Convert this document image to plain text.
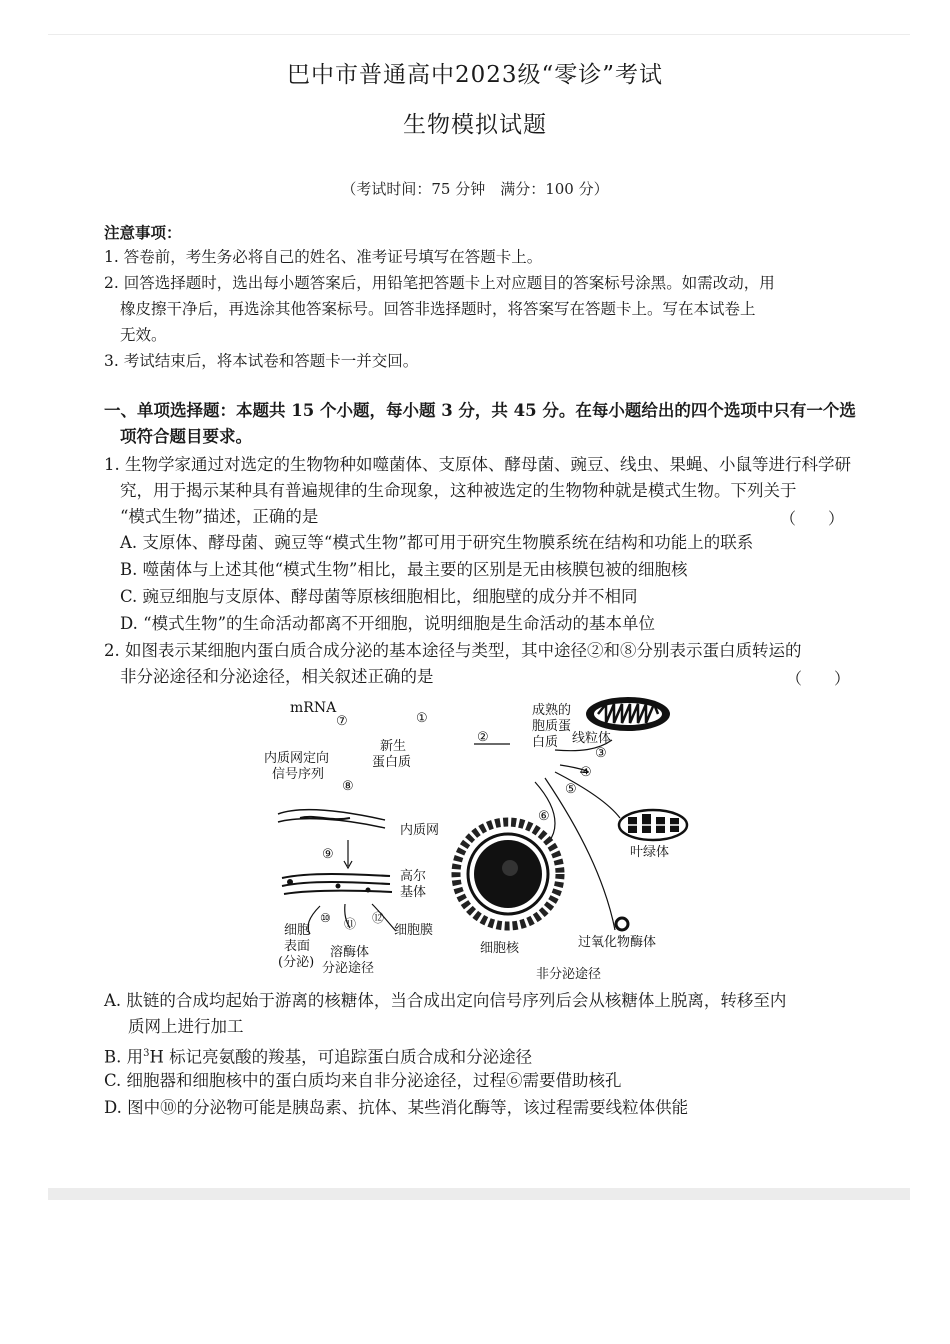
巴中市普通高中2023级“零诊”考试
生物模拟试题
（考试时间：75 分钟　满分：100 分）
注意事项：
1. 答卷前，考生务必将自己的姓名、准考证号填写在答题卡上。
2. 回答选择题时，选出每小题答案后，用铅笔把答题卡上对应题目的答案标号涂黑。如需改动，用
橡皮擦干净后，再选涂其他答案标号。回答非选择题时，将答案写在答题卡上。写在本试卷上
无效。
3. 考试结束后，将本试卷和答题卡一并交回。
一、单项选择题：本题共 15 个小题，每小题 3 分，共 45 分。在每小题给出的四个选项中只有一个选
项符合题目要求。
1. 生物学家通过对选定的生物物种如噬菌体、支原体、酵母菌、豌豆、线虫、果蝇、小鼠等进行科学研
究，用于揭示某种具有普遍规律的生命现象，这种被选定的生物物种就是模式生物。下列关于
“模式生物”描述，正确的是	（　　）
A. 支原体、酵母菌、豌豆等“模式生物”都可用于研究生物膜系统在结构和功能上的联系
B. 噬菌体与上述其他“模式生物”相比，最主要的区别是无由核膜包被的细胞核
C. 豌豆细胞与支原体、酵母菌等原核细胞相比，细胞壁的成分并不相同
D. “模式生物”的生命活动都离不开细胞，说明细胞是生命活动的基本单位
2. 如图表示某细胞内蛋白质合成分泌的基本途径与类型，其中途径②和⑧分别表示蛋白质转运的
非分泌途径和分泌途径，相关叙述正确的是	（　　）
mRNA
⑦	①
成熟的
胞质蛋
白质 线粒体
②
③
④
⑤
⑥
叶绿体
新生
蛋白质
内质网定向
信号序列
⑧
内质网
⑨
高尔
基体
⑩ ⑪ ⑫
细胞
表面
(分泌)
细胞膜
溶酶体
分泌途径
细胞核	过氧化物酶体
非分泌途径
A. 肽链的合成均起始于游离的核糖体，当合成出定向信号序列后会从核糖体上脱离，转移至内
质网上进行加工
B. 用$^3$H 标记亮氨酸的羧基，可追踪蛋白质合成和分泌途径
C. 细胞器和细胞核中的蛋白质均来自非分泌途径，过程⑥需要借助核孔
D. 图中⑩的分泌物可能是胰岛素、抗体、某些消化酶等，该过程需要线粒体供能
